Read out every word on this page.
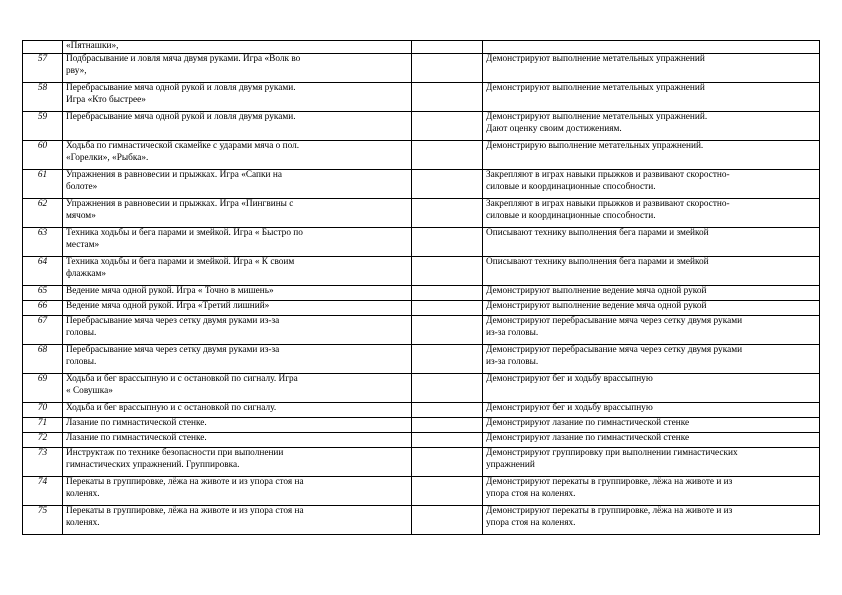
	«Пятнашки»,		

57	Подбрасывание и ловля мяча двумя руками. Игра «Волк во
рву»,		Демонстрируют выполнение метательных упражнений

58	Перебрасывание мяча одной рукой и ловля двумя руками.
Игра «Кто быстрее»		Демонстрируют выполнение метательных упражнений

59	Перебрасывание мяча одной рукой и ловля двумя руками.		Демонстрируют выполнение метательных упражнений.
Дают оценку своим достижениям.

60	Ходьба по гимнастической скамейке с ударами мяча о пол.
«Горелки», «Рыбка».		Демонстрирую выполнение метательных упражнений.

61	Упражнения в равновесии и прыжках. Игра «Сапки на
болоте»		Закрепляют в играх навыки прыжков и развивают скоростно-
силовые и координационные способности.

62	Упражнения в равновесии и прыжках. Игра «Пингвины с
мячом»		Закрепляют в играх навыки прыжков и развивают скоростно-
силовые и координационные способности.

63	Техника ходьбы и бега парами и змейкой. Игра « Быстро по
местам»		Описывают технику выполнения бега парами и змейкой

64	Техника ходьбы и бега парами и змейкой. Игра « К своим
флажкам»		Описывают технику выполнения бега парами и змейкой

65	Ведение мяча одной рукой. Игра « Точно в мишень»		Демонстрируют выполнение ведение мяча одной рукой

66	Ведение мяча одной рукой. Игра «Третий лишний»		Демонстрируют выполнение ведение мяча одной рукой

67	Перебрасывание мяча через сетку двумя руками из-за
головы.		Демонстрируют перебрасывание мяча через сетку двумя руками
из-за головы.

68	Перебрасывание мяча через сетку двумя руками из-за
головы.		Демонстрируют перебрасывание мяча через сетку двумя руками
из-за головы.

69	Ходьба и бег врассыпную и с остановкой по сигналу. Игра
« Совушка»		Демонстрируют бег и ходьбу врассыпную

70	Ходьба и бег врассыпную и с остановкой по сигналу.		Демонстрируют бег и ходьбу врассыпную

71	Лазание по гимнастической стенке.		Демонстрируют лазание по гимнастической стенке

72	Лазание по гимнастической стенке.		Демонстрируют лазание по гимнастической стенке

73	Инструктаж по технике безопасности при выполнении
гимнастических упражнений. Группировка.		Демонстрируют группировку при выполнении гимнастических
упражнений

74	Перекаты в группировке, лёжа на животе и из упора стоя на
коленях.		Демонстрируют перекаты в группировке, лёжа на животе и из
упора стоя на коленях.

75	Перекаты в группировке, лёжа на животе и из упора стоя на
коленях.		Демонстрируют перекаты в группировке, лёжа на животе и из
упора стоя на коленях.
